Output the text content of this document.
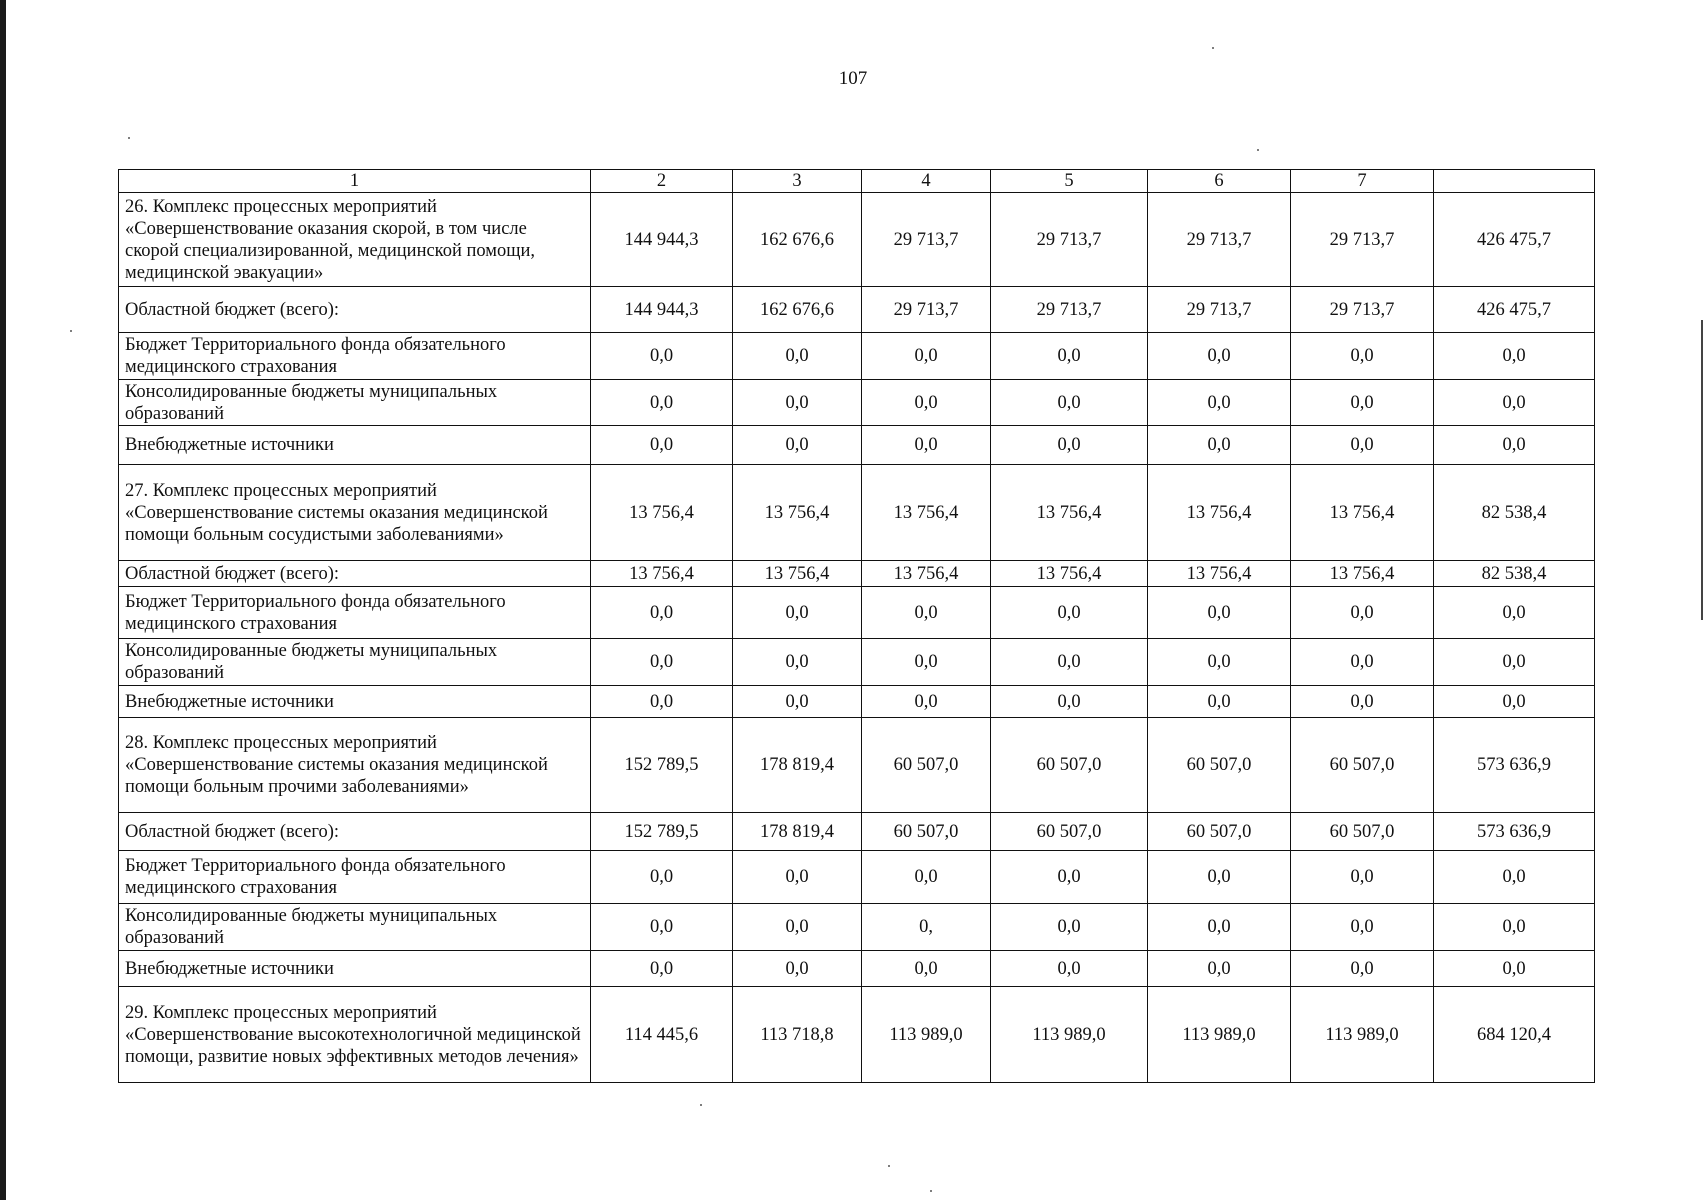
107
1	2	3	4	5	6	7	
26. Комплекс процессных мероприятий «Совершенствование оказания скорой, в том числе скорой специализированной, медицинской помощи, медицинской эвакуации»	144 944,3	162 676,6	29 713,7	29 713,7	29 713,7	29 713,7	426 475,7
Областной бюджет (всего):	144 944,3	162 676,6	29 713,7	29 713,7	29 713,7	29 713,7	426 475,7
Бюджет Территориального фонда обязательного медицинского страхования	0,0	0,0	0,0	0,0	0,0	0,0	0,0
Консолидированные бюджеты муниципальных образований	0,0	0,0	0,0	0,0	0,0	0,0	0,0
Внебюджетные источники	0,0	0,0	0,0	0,0	0,0	0,0	0,0
27. Комплекс процессных мероприятий «Совершенствование системы оказания медицинской помощи больным сосудистыми заболеваниями»	13 756,4	13 756,4	13 756,4	13 756,4	13 756,4	13 756,4	82 538,4
Областной бюджет (всего):	13 756,4	13 756,4	13 756,4	13 756,4	13 756,4	13 756,4	82 538,4
Бюджет Территориального фонда обязательного медицинского страхования	0,0	0,0	0,0	0,0	0,0	0,0	0,0
Консолидированные бюджеты муниципальных образований	0,0	0,0	0,0	0,0	0,0	0,0	0,0
Внебюджетные источники	0,0	0,0	0,0	0,0	0,0	0,0	0,0
28. Комплекс процессных мероприятий «Совершенствование системы оказания медицинской помощи больным прочими заболеваниями»	152 789,5	178 819,4	60 507,0	60 507,0	60 507,0	60 507,0	573 636,9
Областной бюджет (всего):	152 789,5	178 819,4	60 507,0	60 507,0	60 507,0	60 507,0	573 636,9
Бюджет Территориального фонда обязательного медицинского страхования	0,0	0,0	0,0	0,0	0,0	0,0	0,0
Консолидированные бюджеты муниципальных образований	0,0	0,0	0,	0,0	0,0	0,0	0,0
Внебюджетные источники	0,0	0,0	0,0	0,0	0,0	0,0	0,0
29. Комплекс процессных мероприятий «Совершенствование высокотехнологичной медицинской помощи, развитие новых эффективных методов лечения»	114 445,6	113 718,8	113 989,0	113 989,0	113 989,0	113 989,0	684 120,4
